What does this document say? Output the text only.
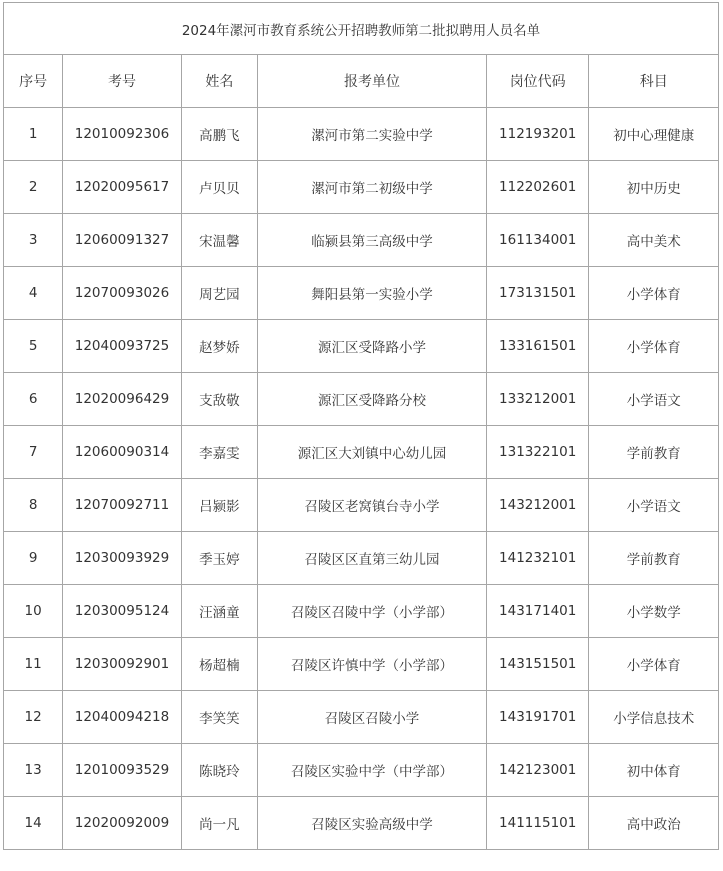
2024年漯河市教育系统公开招聘教师第二批拟聘用人员名单					
序号	考号	姓名	报考单位	岗位代码	科目
1	12010092306	高鹏飞	漯河市第二实验中学	112193201	初中心理健康
2	12020095617	卢贝贝	漯河市第二初级中学	112202601	初中历史
3	12060091327	宋温馨	临颍县第三高级中学	161134001	高中美术
4	12070093026	周艺园	舞阳县第一实验小学	173131501	小学体育
5	12040093725	赵梦娇	源汇区受降路小学	133161501	小学体育
6	12020096429	支敌敬	源汇区受降路分校	133212001	小学语文
7	12060090314	李嘉雯	源汇区大刘镇中心幼儿园	131322101	学前教育
8	12070092711	吕颍影	召陵区老窝镇台寺小学	143212001	小学语文
9	12030093929	季玉婷	召陵区区直第三幼儿园	141232101	学前教育
10	12030095124	汪涵童	召陵区召陵中学（小学部）	143171401	小学数学
11	12030092901	杨超楠	召陵区许慎中学（小学部）	143151501	小学体育
12	12040094218	李笑笑	召陵区召陵小学	143191701	小学信息技术
13	12010093529	陈晓玲	召陵区实验中学（中学部）	142123001	初中体育
14	12020092009	尚一凡	召陵区实验高级中学	141115101	高中政治
